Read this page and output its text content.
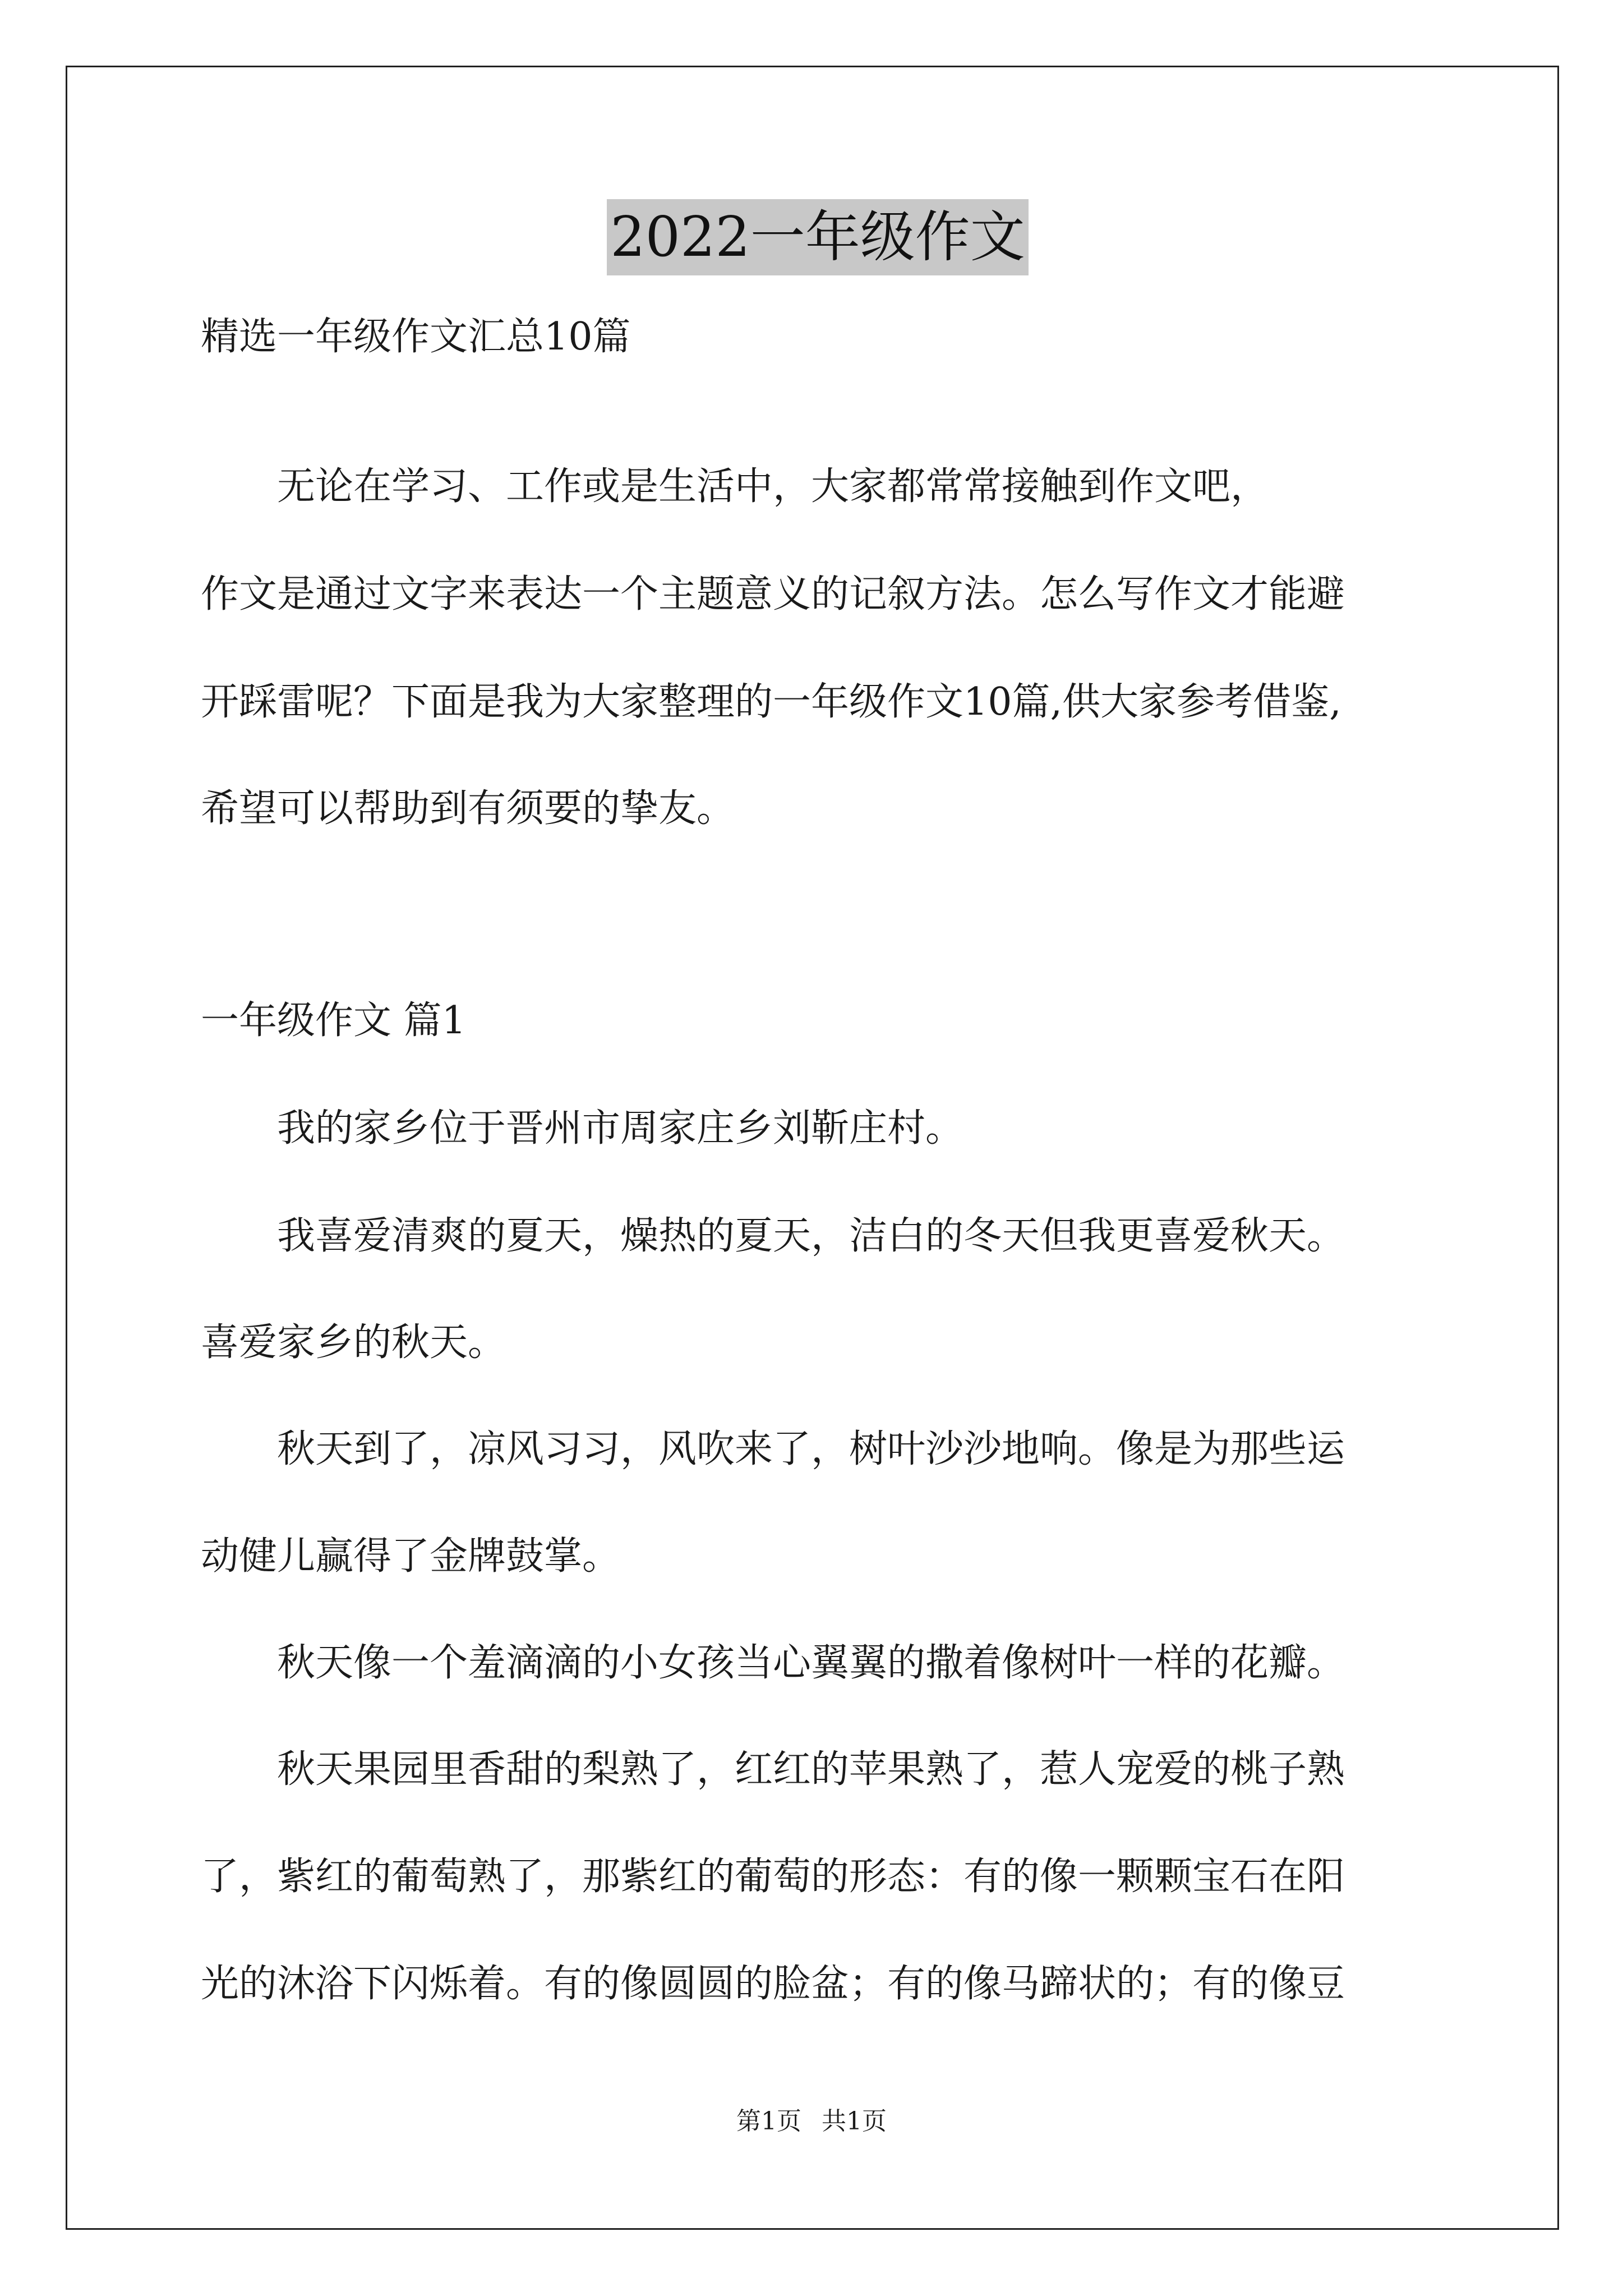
2022一年级作文

精选一年级作文汇总10篇

　　无论在学习、工作或是生活中，大家都常常接触到作文吧，

作文是通过文字来表达一个主题意义的记叙方法。怎么写作文才能避

开踩雷呢？下面是我为大家整理的一年级作文10篇,供大家参考借鉴,

希望可以帮助到有须要的挚友。

一年级作文 篇1

　　我的家乡位于晋州市周家庄乡刘靳庄村。

　　我喜爱清爽的夏天，燥热的夏天，洁白的冬天但我更喜爱秋天。

喜爱家乡的秋天。

　　秋天到了，凉风习习，风吹来了，树叶沙沙地响。像是为那些运

动健儿赢得了金牌鼓掌。

　　秋天像一个羞滴滴的小女孩当心翼翼的撒着像树叶一样的花瓣。

　　秋天果园里香甜的梨熟了，红红的苹果熟了，惹人宠爱的桃子熟

了，紫红的葡萄熟了，那紫红的葡萄的形态：有的像一颗颗宝石在阳

光的沐浴下闪烁着。有的像圆圆的脸盆；有的像马蹄状的；有的像豆

第1页 共1页
